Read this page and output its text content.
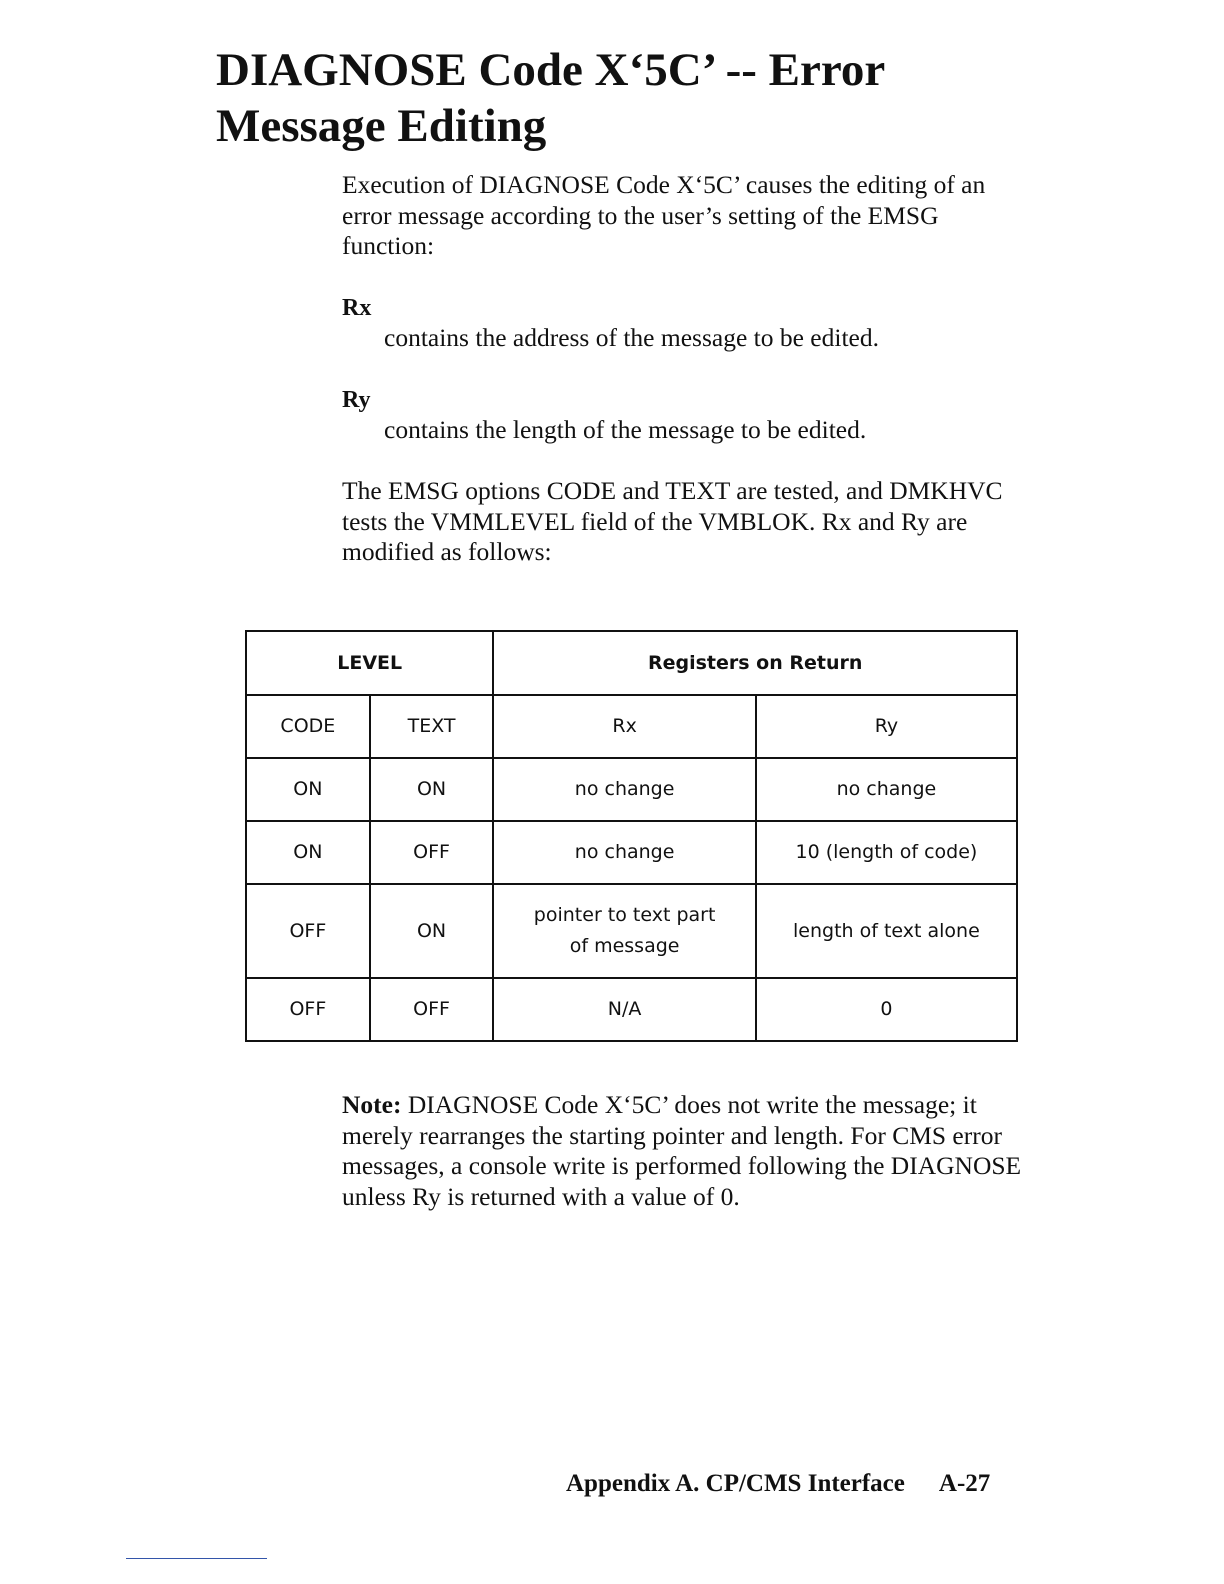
DIAGNOSE Code X‘5C’ -- Error Message Editing

Execution of DIAGNOSE Code X‘5C’ causes the editing of an error message according to the user’s setting of the EMSG function:

Rx
contains the address of the message to be edited.
Ry
contains the length of the message to be edited.

The EMSG options CODE and TEXT are tested, and DMKHVC tests the VMMLEVEL field of the VMBLOK. Rx and Ry are modified as follows:

LEVEL		Registers on Return	
CODE	TEXT	Rx	Ry
ON	ON	no change	no change
ON	OFF	no change	10 (length of code)
OFF	ON	pointer to text part of message	length of text alone
OFF	OFF	N/A	0

Note: DIAGNOSE Code X‘5C’ does not write the message; it merely rearranges the starting pointer and length. For CMS error messages, a console write is performed following the DIAGNOSE unless Ry is returned with a value of 0.

Appendix A. CP/CMS Interface A-27
